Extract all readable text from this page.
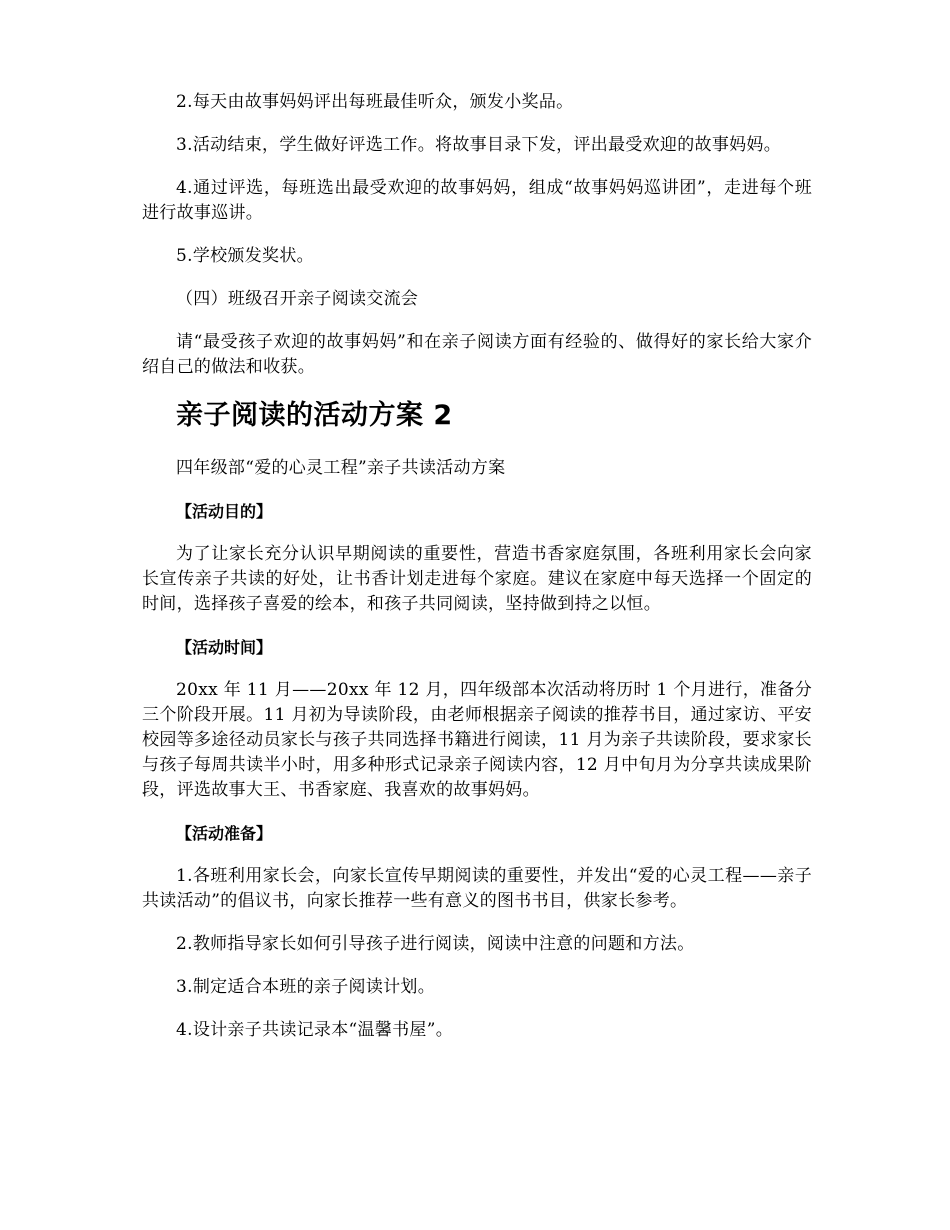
2.每天由故事妈妈评出每班最佳听众，颁发小奖品。

3.活动结束，学生做好评选工作。将故事目录下发，评出最受欢迎的故事妈妈。

4.通过评选，每班选出最受欢迎的故事妈妈，组成“故事妈妈巡讲团”，走进每个班进行故事巡讲。

5.学校颁发奖状。

（四）班级召开亲子阅读交流会

请“最受孩子欢迎的故事妈妈”和在亲子阅读方面有经验的、做得好的家长给大家介绍自己的做法和收获。

亲子阅读的活动方案 2

四年级部“爱的心灵工程”亲子共读活动方案

【活动目的】

为了让家长充分认识早期阅读的重要性，营造书香家庭氛围，各班利用家长会向家长宣传亲子共读的好处，让书香计划走进每个家庭。建议在家庭中每天选择一个固定的时间，选择孩子喜爱的绘本，和孩子共同阅读，坚持做到持之以恒。

【活动时间】

20xx 年 11 月——20xx 年 12 月，四年级部本次活动将历时 1 个月进行，准备分三个阶段开展。11 月初为导读阶段，由老师根据亲子阅读的推荐书目，通过家访、平安校园等多途径动员家长与孩子共同选择书籍进行阅读，11 月为亲子共读阶段，要求家长与孩子每周共读半小时，用多种形式记录亲子阅读内容，12 月中旬月为分享共读成果阶段，评选故事大王、书香家庭、我喜欢的故事妈妈。

【活动准备】

1.各班利用家长会，向家长宣传早期阅读的重要性，并发出“爱的心灵工程——亲子共读活动”的倡议书，向家长推荐一些有意义的图书书目，供家长参考。

2.教师指导家长如何引导孩子进行阅读，阅读中注意的问题和方法。

3.制定适合本班的亲子阅读计划。

4.设计亲子共读记录本“温馨书屋”。
